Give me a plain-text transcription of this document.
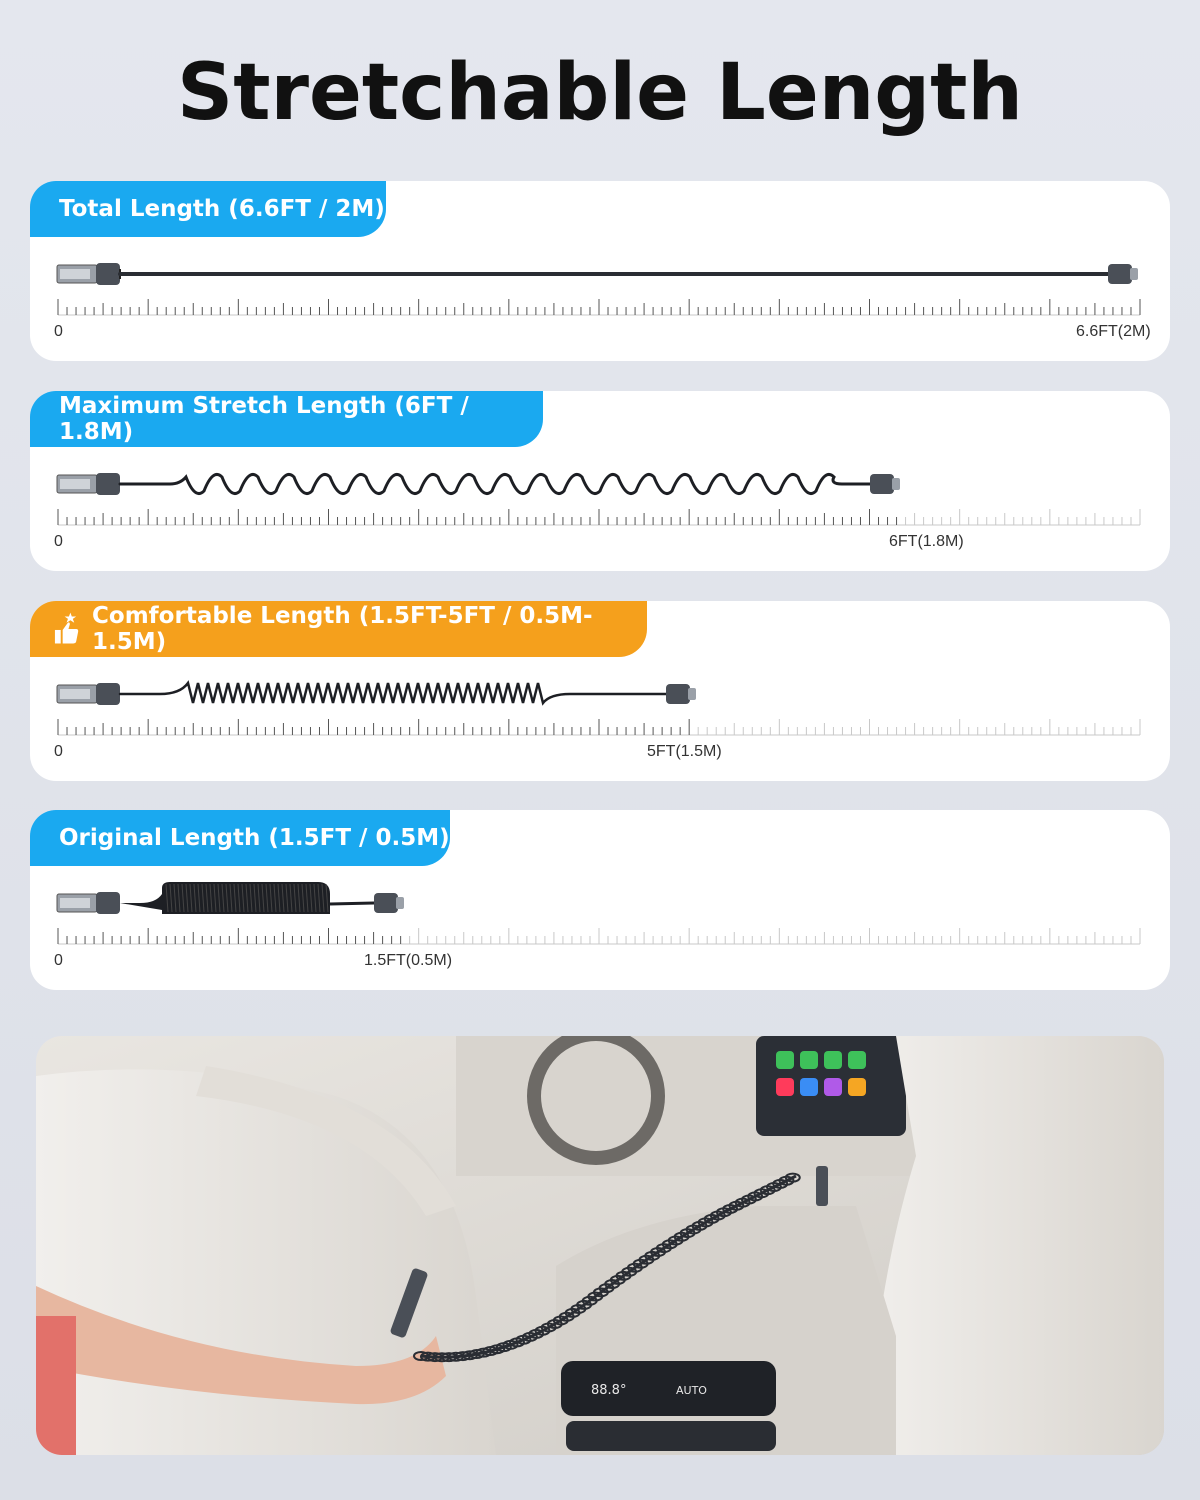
Stretchable Length
Total Length (6.6FT / 2M)
0	6.6FT(2M)
Maximum Stretch Length (6FT / 1.8M)
0	6FT(1.8M)
Comfortable Length (1.5FT-5FT / 0.5M-1.5M)
0	5FT(1.5M)
Original Length (1.5FT / 0.5M)
0	1.5FT(0.5M)
88.8°	AUTO
